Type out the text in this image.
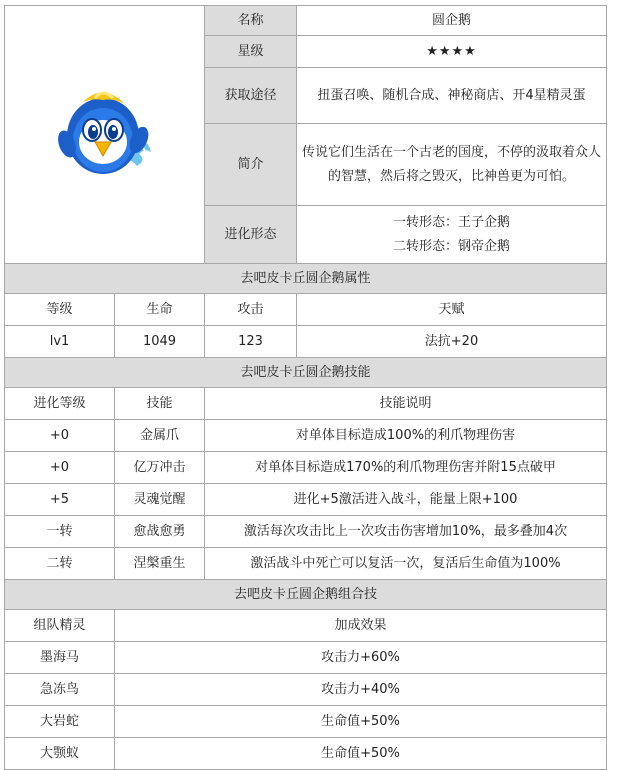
	名称	圆企鹅
		星级	★★★★
		获取途径	扭蛋召唤、随机合成、神秘商店、开4星精灵蛋
		简介	传说它们生活在一个古老的国度，不停的汲取着众人的智慧，然后将之毁灭，比神兽更为可怕。
		进化形态	一转形态：王子企鹅
二转形态：钢帝企鹅

去吧皮卡丘圆企鹅属性			
等级	生命	攻击	天赋
lv1	1049	123	法抗+20
去吧皮卡丘圆企鹅技能			
进化等级	技能	技能说明	
+0	金属爪	对单体目标造成100%的利爪物理伤害	
+0	亿万冲击	对单体目标造成170%的利爪物理伤害并附15点破甲	
+5	灵魂觉醒	进化+5激活进入战斗，能量上限+100	
一转	愈战愈勇	激活每次攻击比上一次攻击伤害增加10%，最多叠加4次	
二转	涅槃重生	激活战斗中死亡可以复活一次，复活后生命值为100%	
去吧皮卡丘圆企鹅组合技			
组队精灵	加成效果		
墨海马	攻击力+60%		
急冻鸟	攻击力+40%		
大岩蛇	生命值+50%		
大颚蚁	生命值+50%		
